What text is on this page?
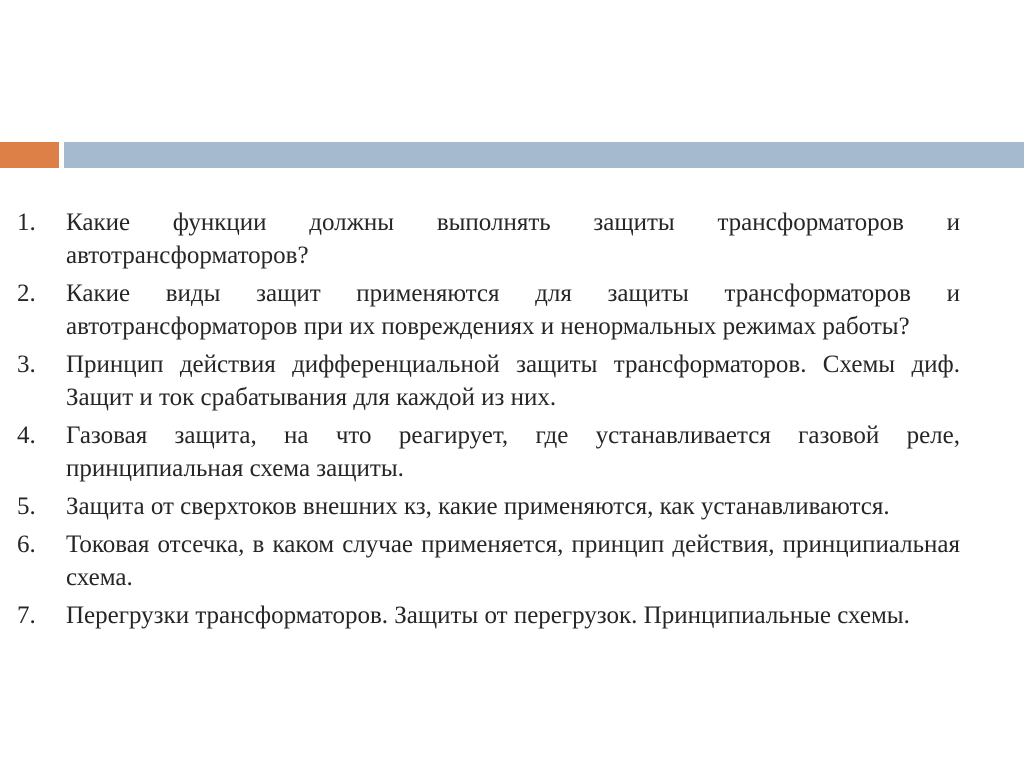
1.	Какие функции должны выполнять защиты трансформаторов и автотрансформаторов?
2.	Какие виды защит применяются для защиты трансформаторов и автотрансформаторов при их повреждениях и ненормальных режимах работы?
3.	Принцип действия дифференциальной защиты трансформаторов. Схемы диф. Защит и ток срабатывания для каждой из них.
4.	Газовая защита, на что реагирует, где устанавливается газовой реле, принципиальная схема защиты.
5.	Защита от сверхтоков внешних кз, какие применяются, как устанавливаются.
6.	Токовая отсечка, в каком случае применяется, принцип действия, принципиальная схема.
7.	Перегрузки трансформаторов. Защиты от перегрузок. Принципиальные схемы.
